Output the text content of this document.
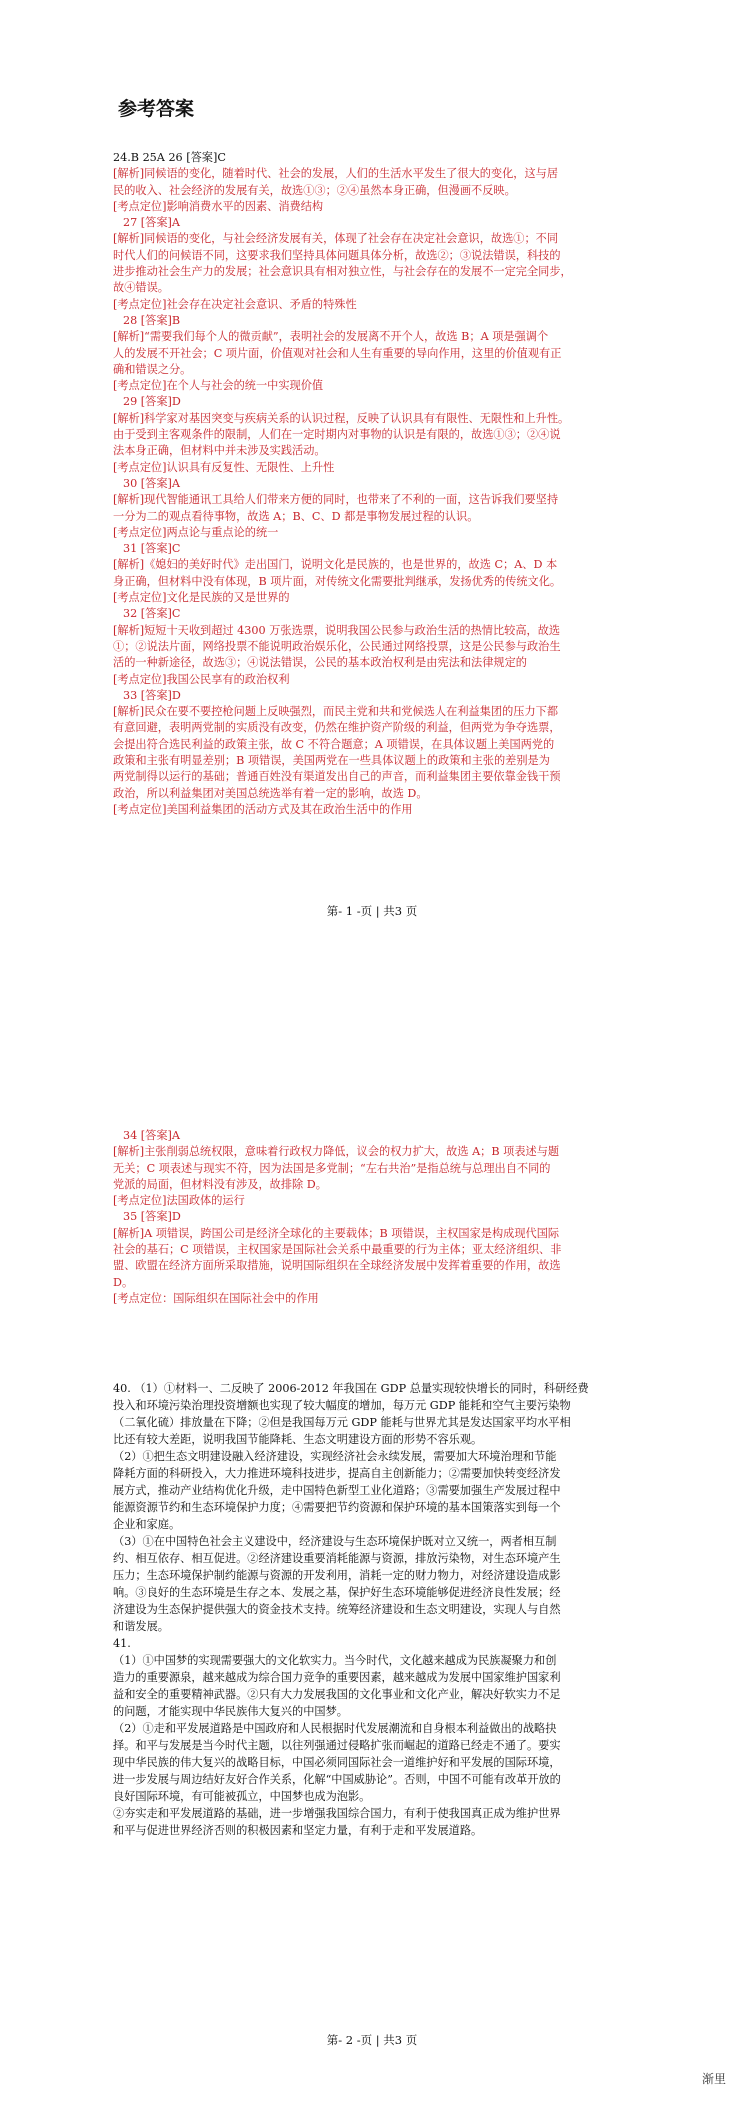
参考答案
24.B 25A 26 [答案]C
[解析]同候语的变化，随着时代、社会的发展，人们的生活水平发生了很大的变化，这与居
民的收入、社会经济的发展有关，故选①③；②④虽然本身正确，但漫画不反映。
[考点定位]影响消费水平的因素、消费结构
27 [答案]A
[解析]同候语的变化，与社会经济发展有关，体现了社会存在决定社会意识，故选①；不同
时代人们的问候语不同，这要求我们坚持具体问题具体分析，故选②；③说法错误，科技的
进步推动社会生产力的发展；社会意识具有相对独立性，与社会存在的发展不一定完全同步，
故④错误。
[考点定位]社会存在决定社会意识、矛盾的特殊性
28 [答案]B
[解析]“需要我们每个人的微贡献”，表明社会的发展离不开个人，故选 B；A 项是强调个
人的发展不开社会；C 项片面，价值观对社会和人生有重要的导向作用，这里的价值观有正
确和错误之分。
[考点定位]在个人与社会的统一中实现价值
29 [答案]D
[解析]科学家对基因突变与疾病关系的认识过程，反映了认识具有有限性、无限性和上升性。
由于受到主客观条件的限制，人们在一定时期内对事物的认识是有限的，故选①③；②④说
法本身正确，但材料中并未涉及实践活动。
[考点定位]认识具有反复性、无限性、上升性
30 [答案]A
[解析]现代智能通讯工具给人们带来方便的同时，也带来了不利的一面，这告诉我们要坚持
一分为二的观点看待事物，故选 A；B、C、D 都是事物发展过程的认识。
[考点定位]两点论与重点论的统一
31 [答案]C
[解析]《媳妇的美好时代》走出国门，说明文化是民族的，也是世界的，故选 C；A、D 本
身正确，但材料中没有体现，B 项片面，对传统文化需要批判继承，发扬优秀的传统文化。
[考点定位]文化是民族的又是世界的
32 [答案]C
[解析]短短十天收到超过 4300 万张选票，说明我国公民参与政治生活的热情比较高，故选
①；②说法片面，网络投票不能说明政治娱乐化，公民通过网络投票，这是公民参与政治生
活的一种新途径，故选③；④说法错误，公民的基本政治权利是由宪法和法律规定的
[考点定位]我国公民享有的政治权利
33 [答案]D
[解析]民众在要不要控枪问题上反映强烈，而民主党和共和党候选人在利益集团的压力下都
有意回避，表明两党制的实质没有改变，仍然在维护资产阶级的利益，但两党为争夺选票，
会提出符合选民利益的政策主张，故 C 不符合题意；A 项错误，在具体议题上美国两党的
政策和主张有明显差别；B 项错误，美国两党在一些具体议题上的政策和主张的差别是为
两党制得以运行的基础；普通百姓没有渠道发出自己的声音，而利益集团主要依靠金钱干预
政治，所以利益集团对美国总统选举有着一定的影响，故选 D。
[考点定位]美国利益集团的活动方式及其在政治生活中的作用
第- 1 -页 | 共3 页
34 [答案]A
[解析]主张削弱总统权限，意味着行政权力降低，议会的权力扩大，故选 A；B 项表述与题
无关；C 项表述与现实不符，因为法国是多党制；“左右共治”是指总统与总理出自不同的
党派的局面，但材料没有涉及，故排除 D。
[考点定位]法国政体的运行
35 [答案]D
[解析]A 项错误，跨国公司是经济全球化的主要载体；B 项错误，主权国家是构成现代国际
社会的基石；C 项错误，主权国家是国际社会关系中最重要的行为主体；亚太经济组织、非
盟、欧盟在经济方面所采取措施，说明国际组织在全球经济发展中发挥着重要的作用，故选
D。
[考点定位：国际组织在国际社会中的作用
40. （1）①材料一、二反映了 2006-2012 年我国在 GDP 总量实现较快增长的同时，科研经费
投入和环境污染治理投资增额也实现了较大幅度的增加，每万元 GDP 能耗和空气主要污染物
（二氧化硫）排放量在下降；②但是我国每万元 GDP 能耗与世界尤其是发达国家平均水平相
比还有较大差距，说明我国节能降耗、生态文明建设方面的形势不容乐观。
（2）①把生态文明建设融入经济建设，实现经济社会永续发展，需要加大环境治理和节能
降耗方面的科研投入，大力推进环境科技进步，提高自主创新能力；②需要加快转变经济发
展方式，推动产业结构优化升级，走中国特色新型工业化道路；③需要加强生产发展过程中
能源资源节约和生态环境保护力度；④需要把节约资源和保护环境的基本国策落实到每一个
企业和家庭。
（3）①在中国特色社会主义建设中，经济建设与生态环境保护既对立又统一，两者相互制
约、相互依存、相互促进。②经济建设重要消耗能源与资源，排放污染物，对生态环境产生
压力；生态环境保护制约能源与资源的开发利用，消耗一定的财力物力，对经济建设造成影
响。③良好的生态环境是生存之本、发展之基，保护好生态环境能够促进经济良性发展；经
济建设为生态保护提供强大的资金技术支持。统筹经济建设和生态文明建设，实现人与自然
和谐发展。
41.
（1）①中国梦的实现需要强大的文化软实力。当今时代，文化越来越成为民族凝聚力和创
造力的重要源泉，越来越成为综合国力竞争的重要因素，越来越成为发展中国家维护国家利
益和安全的重要精神武器。②只有大力发展我国的文化事业和文化产业，解决好软实力不足
的问题，才能实现中华民族伟大复兴的中国梦。
（2）①走和平发展道路是中国政府和人民根据时代发展潮流和自身根本利益做出的战略抉
择。和平与发展是当今时代主题，以往列强通过侵略扩张而崛起的道路已经走不通了。要实
现中华民族的伟大复兴的战略目标，中国必须同国际社会一道维护好和平发展的国际环境，
进一步发展与周边结好友好合作关系，化解“中国威胁论”。否则，中国不可能有改革开放的
良好国际环境，有可能被孤立，中国梦也成为泡影。
②夯实走和平发展道路的基础，进一步增强我国综合国力，有利于使我国真正成为维护世界
和平与促进世界经济否则的积极因素和坚定力量，有利于走和平发展道路。
第- 2 -页 | 共3 页
渐里
